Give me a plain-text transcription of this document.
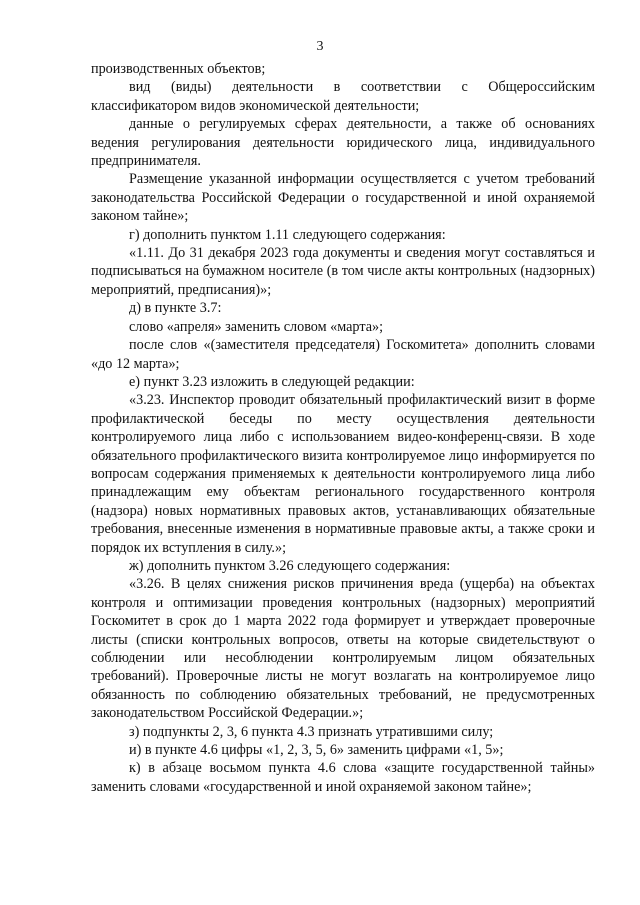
3

производственных объектов;

вид (виды) деятельности в соответствии с Общероссийским классификатором видов экономической деятельности;

данные о регулируемых сферах деятельности, а также об основаниях ведения регулирования деятельности юридического лица, индивидуального предпринимателя.

Размещение указанной информации осуществляется с учетом требований законодательства Российской Федерации о государственной и иной охраняемой законом тайне»;

г) дополнить пунктом 1.11 следующего содержания:

«1.11. До 31 декабря 2023 года документы и сведения могут составляться и подписываться на бумажном носителе (в том числе акты контрольных (надзорных) мероприятий, предписания)»;

д) в пункте 3.7:

слово «апреля» заменить словом «марта»;

после слов «(заместителя председателя) Госкомитета» дополнить словами «до 12 марта»;

е) пункт 3.23 изложить в следующей редакции:

«3.23. Инспектор проводит обязательный профилактический визит в форме профилактической беседы по месту осуществления деятельности контролируемого лица либо с использованием видео-конференц-связи. В ходе обязательного профилактического визита контролируемое лицо информируется по вопросам содержания применяемых к деятельности контролируемого лица либо принадлежащим ему объектам регионального государственного контроля (надзора) новых нормативных правовых актов, устанавливающих обязательные требования, внесенные изменения в нормативные правовые акты, а также сроки и порядок их вступления в силу.»;

ж) дополнить пунктом 3.26 следующего содержания:

«3.26. В целях снижения рисков причинения вреда (ущерба) на объектах контроля и оптимизации проведения контрольных (надзорных) мероприятий Госкомитет в срок до 1 марта 2022 года формирует и утверждает проверочные листы (списки контрольных вопросов, ответы на которые свидетельствуют о соблюдении или несоблюдении контролируемым лицом обязательных требований). Проверочные листы не могут возлагать на контролируемое лицо обязанность по соблюдению обязательных требований, не предусмотренных законодательством Российской Федерации.»;

з) подпункты 2, 3, 6 пункта 4.3 признать утратившими силу;

и) в пункте 4.6 цифры «1, 2, 3, 5, 6» заменить цифрами «1, 5»;

к) в абзаце восьмом пункта 4.6 слова «защите государственной тайны» заменить словами «государственной и иной охраняемой законом тайне»;
